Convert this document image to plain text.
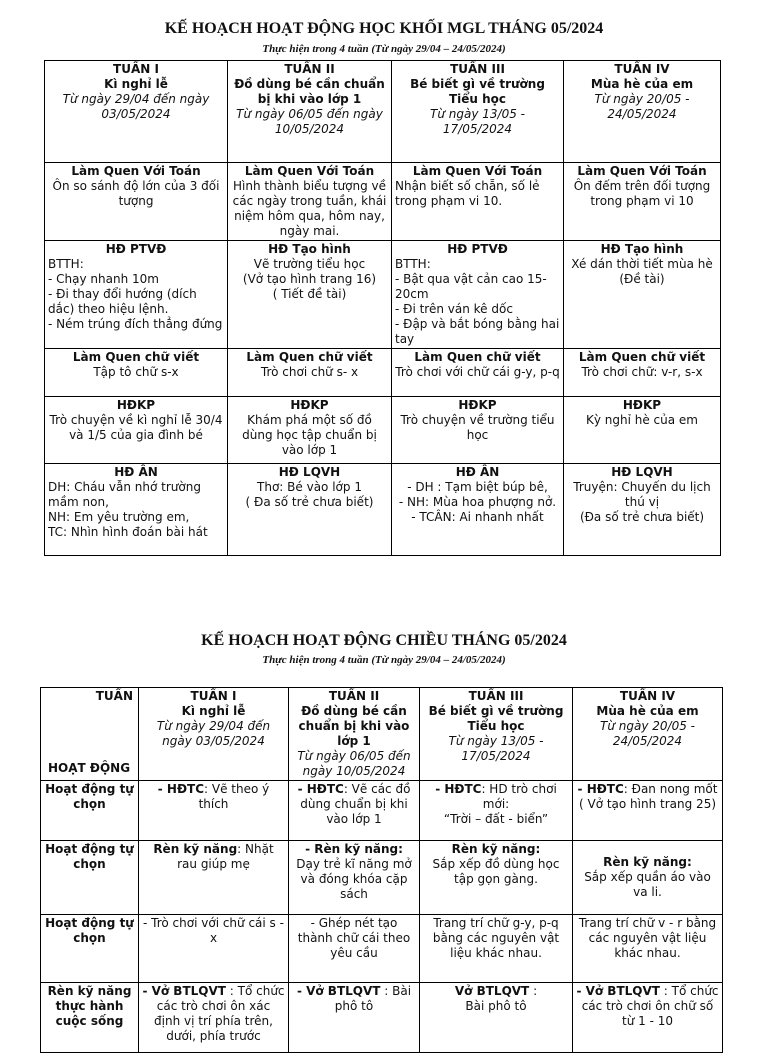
KẾ HOẠCH HOẠT ĐỘNG HỌC KHỐI MGL THÁNG 05/2024
Thực hiện trong 4 tuần (Từ ngày 29/04 – 24/05/2024)
TUẦN I
Kì nghỉ lễ
Từ ngày 29/04 đến ngày 03/05/2024	TUẦN II
Đồ dùng bé cần chuẩn bị khi vào lớp 1
Từ ngày 06/05 đến ngày 10/05/2024	TUẦN III
Bé biết gì về trường Tiểu học
Từ ngày 13/05 - 17/05/2024	TUẦN IV
Mùa hè của em
Từ ngày 20/05 - 24/05/2024

Làm Quen Với Toán
Ôn so sánh độ lớn của 3 đối tượng	Làm Quen Với Toán
Hình thành biểu tượng về các ngày trong tuần, khái niệm hôm qua, hôm nay, ngày mai.	Làm Quen Với Toán
Nhận biết số chẵn, số lẻ trong phạm vi 10.	Làm Quen Với Toán
Ôn đếm trên đối tượng trong phạm vi 10

HĐ PTVĐ
BTTH:
- Chạy nhanh 10m
- Đi thay đổi hướng (dích dắc) theo hiệu lệnh.
- Ném trúng đích thẳng đứng	HĐ Tạo hình
Vẽ trường tiểu học
(Vở tạo hình trang 16)
( Tiết đề tài)	HĐ PTVĐ
BTTH:
- Bật qua vật cản cao 15-20cm
- Đi trên ván kê dốc
- Đập và bắt bóng bằng hai tay	HĐ Tạo hình
Xé dán thời tiết mùa hè
(Đề tài)

Làm Quen chữ viết
Tập tô chữ s-x	Làm Quen chữ viết
Trò chơi chữ s- x	Làm Quen chữ viết
Trò chơi với chữ cái g-y, p-q	Làm Quen chữ viết
Trò chơi chữ: v-r, s-x

HĐKP
Trò chuyện về kì nghỉ lễ 30/4 và 1/5 của gia đình bé	HĐKP
Khám phá một số đồ dùng học tập chuẩn bị vào lớp 1	HĐKP
Trò chuyện về trường tiểu học	HĐKP
Kỳ nghỉ hè của em

HĐ ÂN
DH: Cháu vẫn nhớ trường mầm non,
NH: Em yêu trường em,
TC: Nhìn hình đoán bài hát	HĐ LQVH
Thơ: Bé vào lớp 1
( Đa số trẻ chưa biết)	HĐ ÂN
- DH : Tạm biệt búp bê,
- NH: Mùa hoa phượng nở.
- TCÂN: Ai nhanh nhất	HĐ LQVH
Truyện: Chuyến du lịch thú vị
(Đa số trẻ chưa biết)
KẾ HOẠCH HOẠT ĐỘNG CHIỀU THÁNG 05/2024
Thực hiện trong 4 tuần (Từ ngày 29/04 – 24/05/2024)
TUẦN
HOẠT ĐỘNG	TUẦN I
Kì nghỉ lễ
Từ ngày 29/04 đến ngày 03/05/2024	TUẦN II
Đồ dùng bé cần chuẩn bị khi vào lớp 1
Từ ngày 06/05 đến ngày 10/05/2024	TUẦN III
Bé biết gì về trường Tiểu học
Từ ngày 13/05 - 17/05/2024	TUẦN IV
Mùa hè của em
Từ ngày 20/05 - 24/05/2024

Hoạt động tự chọn	- HĐTC: Vẽ theo ý thích	- HĐTC: Vẽ các đồ dùng chuẩn bị khi vào lớp 1	- HĐTC: HD trò chơi mới:
“Trời – đất - biển”	- HĐTC: Đan nong mốt
( Vở tạo hình trang 25)
Hoạt động tự chọn	Rèn kỹ năng: Nhặt rau giúp mẹ	- Rèn kỹ năng:
Dạy trẻ kĩ năng mở và đóng khóa cặp sách	Rèn kỹ năng:
Sắp xếp đồ dùng học tập gọn gàng.	Rèn kỹ năng:
Sắp xếp quần áo vào va li.
Hoạt động tự chọn	- Trò chơi với chữ cái s - x	- Ghép nét tạo thành chữ cái theo yêu cầu	Trang trí chữ g-y, p-q bằng các nguyên vật liệu khác nhau.	Trang trí chữ v - r bằng các nguyên vật liệu khác nhau.
Rèn kỹ năng thực hành cuộc sống	- Vở BTLQVT : Tổ chức các trò chơi ôn xác định vị trí phía trên, dưới, phía trước	- Vở BTLQVT : Bài phô tô	Vở BTLQVT :
Bài phô tô	- Vở BTLQVT : Tổ chức các trò chơi ôn chữ số từ 1 - 10
